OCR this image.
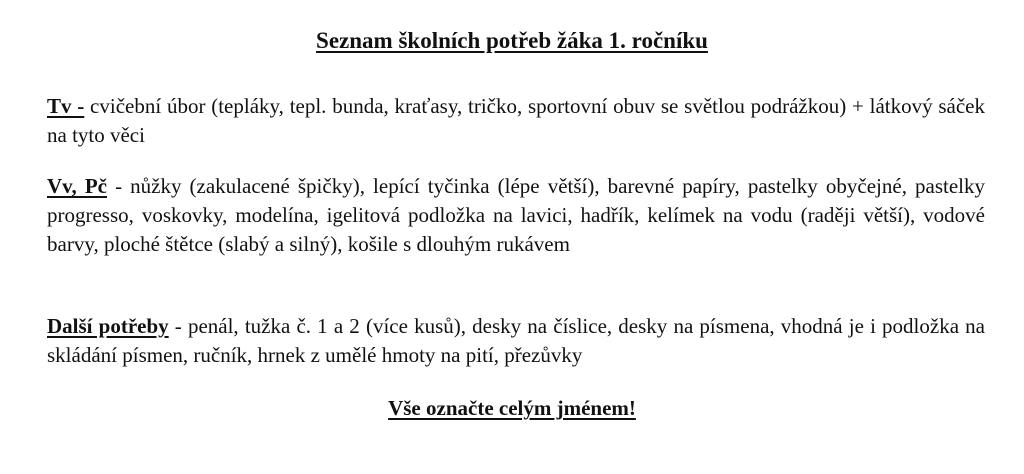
Seznam školních potřeb žáka 1. ročníku
Tv - cvičební úbor (tepláky, tepl. bunda, kraťasy, tričko, sportovní obuv se světlou podrážkou) + látkový sáček na tyto věci
Vv, Pč - nůžky (zakulacené špičky), lepící tyčinka (lépe větší), barevné papíry, pastelky obyčejné, pastelky progresso, voskovky, modelína, igelitová podložka na lavici, hadřík, kelímek na vodu (raději větší), vodové barvy, ploché štětce (slabý a silný), košile s dlouhým rukávem
Další potřeby - penál, tužka č. 1 a 2 (více kusů), desky na číslice, desky na písmena, vhodná je i podložka na skládání písmen, ručník, hrnek z umělé hmoty na pití, přezůvky
Vše označte celým jménem!
